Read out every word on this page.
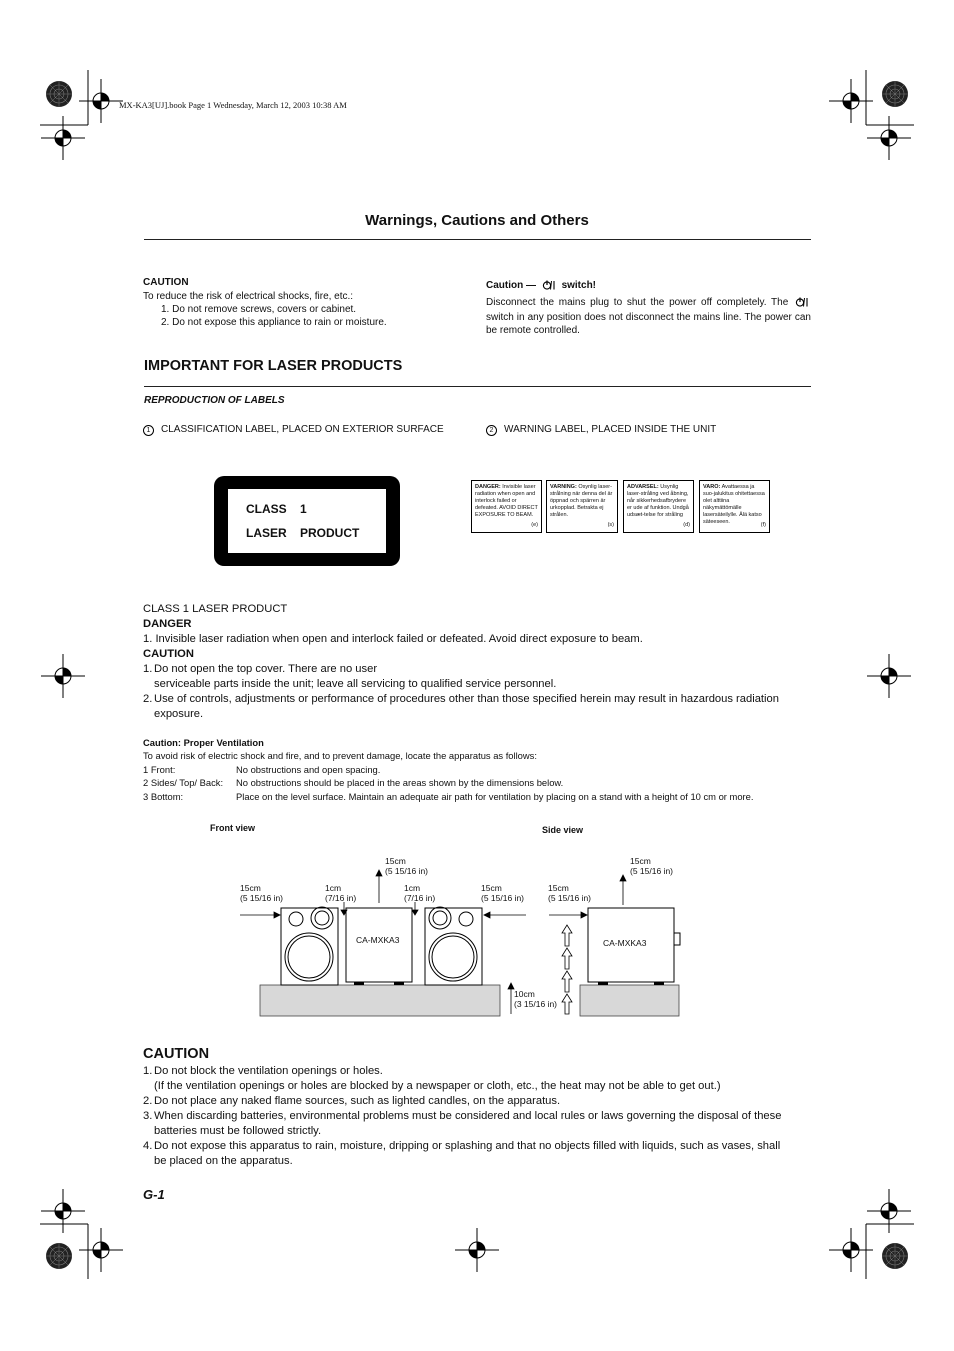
MX-KA3[UJ].book Page 1 Wednesday, March 12, 2003 10:38 AM
Warnings, Cautions and Others
CAUTION
To reduce the risk of electrical shocks, fire, etc.:
1. Do not remove screws, covers or cabinet.
2. Do not expose this appliance to rain or moisture.
Caution —	switch!
Disconnect the mains plug to shut the power off completely. The  switch in any position does not disconnect the mains line. The power can be remote controlled.
IMPORTANT FOR LASER PRODUCTS
REPRODUCTION OF LABELS
1 CLASSIFICATION LABEL, PLACED ON EXTERIOR SURFACE	2 WARNING LABEL, PLACED INSIDE THE UNIT
CLASS    1
LASER    PRODUCT
DANGER: Invisible laser radiation when open and interlock failed or defeated. AVOID DIRECT EXPOSURE TO BEAM.
(e)
VARNING: Osynlig laser-strålning när denna del är öppnad och spärren är urkopplad. Betrakta ej strålen.
(s)
ADVARSEL: Usynlig laser-stråling ved åbning, når sikkerhedsafbrydere er ude af funktion. Undgå udsæt-telse for stråling
(d)
VARO: Avattaessa ja suo-jalukitus ohitettaessa olet alttiina näkymättömälle lasersäteilylle. Älä katso säteeseen.	(f)
CLASS 1 LASER PRODUCT
DANGER
1. Invisible laser radiation when open and interlock failed or defeated. Avoid direct exposure to beam.
CAUTION
1. Do not open the top cover. There are no user
serviceable parts inside the unit; leave all servicing to qualified service personnel.
2. Use of controls, adjustments or performance of procedures other than those specified herein may result in hazardous radiation
exposure.
Caution: Proper Ventilation
To avoid risk of electric shock and fire, and to prevent damage, locate the apparatus as follows:
1 Front:	No obstructions and open spacing.
2 Sides/ Top/ Back:	No obstructions should be placed in the areas shown by the dimensions below.
3 Bottom:	Place on the level surface. Maintain an adequate air path for ventilation by placing on a stand with a height of 10 cm or more.
Front view	Side view
15cm
(5 15/16 in)
15cm
(5 15/16 in)
1cm
(7/16 in)
1cm
(7/16 in)
15cm
(5 15/16 in)
10cm
(3 15/16 in)
15cm
(5 15/16 in)
15cm
(5 15/16 in)
CA-MXKA3	CA-MXKA3
CAUTION
1. Do not block the ventilation openings or holes.
(If the ventilation openings or holes are blocked by a newspaper or cloth, etc., the heat may not be able to get out.)
2. Do not place any naked flame sources, such as lighted candles, on the apparatus.
3. When discarding batteries, environmental problems must be considered and local rules or laws governing the disposal of these
batteries must be followed strictly.
4. Do not expose this apparatus to rain, moisture, dripping or splashing and that no objects filled with liquids, such as vases, shall
be placed on the apparatus.
G-1
